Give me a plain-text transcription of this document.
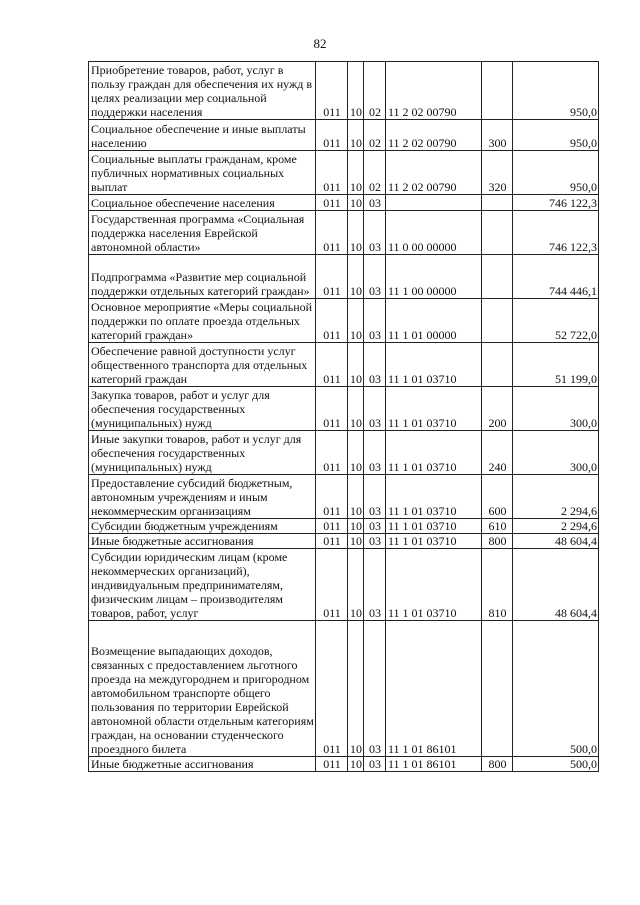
82
Приобретение товаров, работ, услуг в пользу граждан для обеспечения их нужд в целях реализации мер социальной поддержки населения	011	10	02	11 2 02 00790		950,0
Социальное обеспечение и иные выплаты населению	011	10	02	11 2 02 00790	300	950,0
Социальные выплаты гражданам, кроме публичных нормативных социальных выплат	011	10	02	11 2 02 00790	320	950,0
Социальное обеспечение населения	011	10	03			746 122,3
Государственная программа «Социальная поддержка населения Еврейской автономной области»	011	10	03	11 0 00 00000		746 122,3
Подпрограмма «Развитие мер социальной поддержки отдельных категорий граждан»	011	10	03	11 1 00 00000		744 446,1
Основное мероприятие «Меры социальной поддержки по оплате проезда отдельных категорий граждан»	011	10	03	11 1 01 00000		52 722,0
Обеспечение равной доступности услуг общественного транспорта для отдельных категорий граждан	011	10	03	11 1 01 03710		51 199,0
Закупка товаров, работ и услуг для обеспечения государственных (муниципальных) нужд	011	10	03	11 1 01 03710	200	300,0
Иные закупки товаров, работ и услуг для обеспечения государственных (муниципальных) нужд	011	10	03	11 1 01 03710	240	300,0
Предоставление субсидий бюджетным, автономным учреждениям и иным некоммерческим организациям	011	10	03	11 1 01 03710	600	2 294,6
Субсидии бюджетным учреждениям	011	10	03	11 1 01 03710	610	2 294,6
Иные бюджетные ассигнования	011	10	03	11 1 01 03710	800	48 604,4
Субсидии юридическим лицам (кроме некоммерческих организаций), индивидуальным предпринимателям, физическим лицам – производителям товаров, работ, услуг	011	10	03	11 1 01 03710	810	48 604,4
Возмещение выпадающих доходов, связанных с предоставлением льготного проезда на междугороднем и пригородном автомобильном транспорте общего пользования по территории Еврейской автономной области отдельным категориям граждан, на основании студенческого проездного билета	011	10	03	11 1 01 86101		500,0
Иные бюджетные ассигнования	011	10	03	11 1 01 86101	800	500,0
